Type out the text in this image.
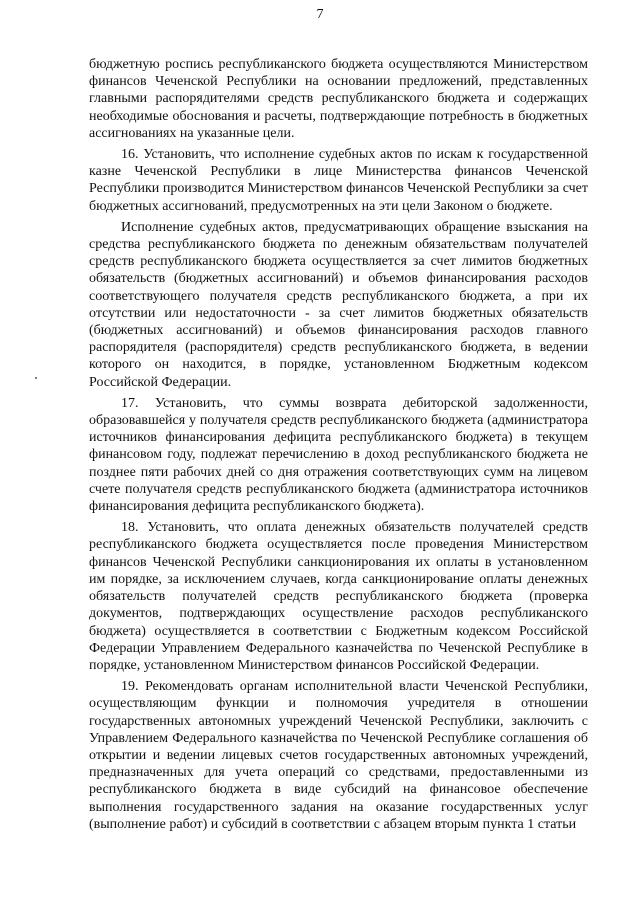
7

бюджетную роспись республиканского бюджета осуществляются Министерством финансов Чеченской Республики на основании предложений, представленных главными распорядителями средств республиканского бюджета и содержащих необходимые обоснования и расчеты, подтверждающие потребность в бюджетных ассигнованиях на указанные цели.

16. Установить, что исполнение судебных актов по искам к государственной казне Чеченской Республики в лице Министерства финансов Чеченской Республики производится Министерством финансов Чеченской Республики за счет бюджетных ассигнований, предусмотренных на эти цели Законом о бюджете.

Исполнение судебных актов, предусматривающих обращение взыскания на средства республиканского бюджета по денежным обязательствам получателей средств республиканского бюджета осуществляется за счет лимитов бюджетных обязательств (бюджетных ассигнований) и объемов финансирования расходов соответствующего получателя средств республиканского бюджета, а при их отсутствии или недостаточности - за счет лимитов бюджетных обязательств (бюджетных ассигнований) и объемов финансирования расходов главного распорядителя (распорядителя) средств республиканского бюджета, в ведении которого он находится, в порядке, установленном Бюджетным кодексом Российской Федерации.

17. Установить, что суммы возврата дебиторской задолженности, образовавшейся у получателя средств республиканского бюджета (администратора источников финансирования дефицита республиканского бюджета) в текущем финансовом году, подлежат перечислению в доход республиканского бюджета не позднее пяти рабочих дней со дня отражения соответствующих сумм на лицевом счете получателя средств республиканского бюджета (администратора источников финансирования дефицита республиканского бюджета).

18. Установить, что оплата денежных обязательств получателей средств республиканского бюджета осуществляется после проведения Министерством финансов Чеченской Республики санкционирования их оплаты в установленном им порядке, за исключением случаев, когда санкционирование оплаты денежных обязательств получателей средств республиканского бюджета (проверка документов, подтверждающих осуществление расходов республиканского бюджета) осуществляется в соответствии с Бюджетным кодексом Российской Федерации Управлением Федерального казначейства по Чеченской Республике в порядке, установленном Министерством финансов Российской Федерации.

19. Рекомендовать органам исполнительной власти Чеченской Республики, осуществляющим функции и полномочия учредителя в отношении государственных автономных учреждений Чеченской Республики, заключить с Управлением Федерального казначейства по Чеченской Республике соглашения об открытии и ведении лицевых счетов государственных автономных учреждений, предназначенных для учета операций со средствами, предоставленными из республиканского бюджета в виде субсидий на финансовое обеспечение выполнения государственного задания на оказание государственных услуг (выполнение работ) и субсидий в соответствии с абзацем вторым пункта 1 статьи
